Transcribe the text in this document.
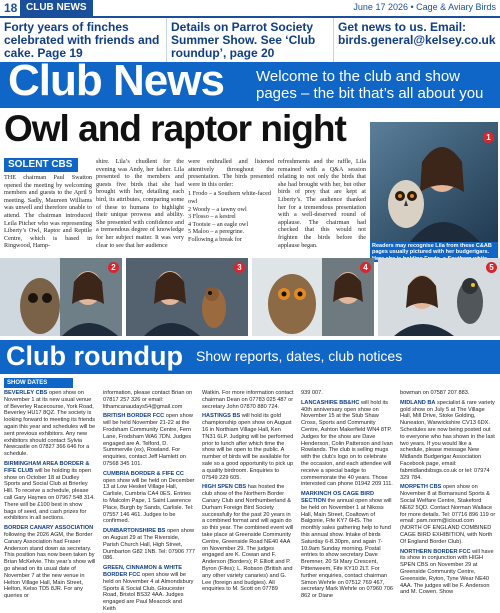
18 CLUB NEWS	June 17 2026 • Cage & Aviary Birds
Forty years of finches celebrated with friends and cake. Page 19
Details on Parrot Society Summer Show. See ‘Club roundup’, page 20
Get news to us. Email: birds.general@kelsey.co.uk
Club News Welcome to the club and show pages – the bit that’s all about you
Owl and raptor night
SOLENT CBS
THE chairman Paul Swatton opened the meeting by welcoming members and guests to the April 9 meeting. Sadly, Maureen Williams was unwell and therefore unable to attend. The chairman introduced Leila Pitcher who was representing Liberty’s Owl, Raptor and Reptile Centre, which is based in Ringwood, Hamp-
shire. Lila’s chudlent for the evening was Andy, her father. Lila presented to the members and guests five birds that she had brought with her, detailing each bird, its attributes, comparing some of these to humans to highlight their unique prowess and ability. She presented with confidence and a tremendous degree of knowledge for her subject matter. It was very clear to see that her audience
were enthralled and listened attentively throughout the presentation. The birds presented were in this order:
1 Frodo – a Southern white-faced owl
2 Woody – a tawny owl
3 Flosso – a kestrel
4 Tootsie – an eagle owl
5 Maloo – a peregrine.
Following a break for
refreshments and the raffle, Lila remained with a Q&A session relating to not only the birds that she had brought with her, but other birds of prey that are kept at Liberty’s. The audience thanked her for a tremendous presentation with a well-deserved round of applause. The chairman had checked that this would not frighten the birds before the applause began.
1
Readers may recognise Lila from these C&AB pages usually pictured with her budgerigars.
2	3	4	5
Club roundup Show reports, dates, club notices
SHOW DATES

BEVERLEY CBS open show on November 1 at its new usual venue of Beverley Racecourse, York Road, Beverley HU17 8QZ. The society is looking forward to meeting its friends again this year and schedules will be sent previous exhibitors. Any new exhibitors should contact Sylvia Newcastle on 07827 366 646 for a schedule.

BIRMINGHAM AREA BORDER & FIFE CLUB will be holding its open show on October 18 at Dudley Sports and Social Club at Brierley Hill. To receive a schedule, please call Gary Haynes on 07967 548 314. There will be £100 best in show bags of seed, and cash prizes for exhibitors in all sections.

BORDER CANARY ASSOCIATION following the 2026 AGM, the Border Canary Association had Fraser Anderson stand down as secretary. This position has now been taken by Brian McKelvie. This year’s show will go ahead on its usual date of November 7 at the new venue in Helton Village Hall, Main Street, Helton, Kelso TD5 8JR. For any queries or

information, please contact Brian on 07817 257 326 or email: lithamcanaudays54@gmail.com

BRITISH BORDER FCC open show will be held November 21-22 at the Frodsham Community Centre, Fern Lane, Frodsham WA6 7DN. Judges engaged are A. Telford, D. Summervile (ex), Rowland. For enquiries, contact Jeff Hamlett on 07568 345 101.

CUMBRIA BORDER & FIFE CC open show will be held on December 13 at Low Hesket Village Hall, Carlisle, Cumbria CA4 0ES. Entries to Malcolm Pape, 1 Saint Lawrence Place, Burgh by Sands, Carlisle. Tel: 07557 146 461. Judges to be confirmed.

DUNBARTONSHIRE BS open show on August 29 at The Riverside, Parish Church Hall, High Street, Dumbarton G82 1NB. Tel: 07906 777 086.

GREEN, CINNAMON & WHITE BORDER FCC open show will be held on November 4 at Almondsbury Sports & Social Club, Gloucester Road, Bristol BS32 4AA. Judges engaged are Paul Meacock and Keith

Watkin. For more information contact chairman Dean on 07783 025 487 or secretary John 07870 880 724.

HASTINGS BS will hold its gold championship open show on August 16 in Northiam Village Hall, Ken TN31 6LP. Judging will be performed prior to lunch after which time the show will be open to the public. A number of birds will be available for sale so a good opportunity to pick up a quality birdroom. Enquiries to 07549 229 605.

HIGH SPEN CBS has hosted the club show of the Northern Border Canary Club and Northumberland & Durham Foreign Bird Society successfully for the past 20 years in a combined format and will again do so this year. The combined event will take place at Greenside Community Centre, Greenside Road NE40 4AA on November 29. The judges engaged are K. Cowan and F. Anderson (Borders); P. Elliott and P. Byron (Fifes); L. Robson (British and any other variety canaries) and G. Lee (foreign and budgies). All enquiries to M. Scott on 07789

939 007.

LANCASHIRE BB&HC will hold its 40th anniversary open show on November 15 at the Stub Shaw Cross, Sports and Community Centre, Ashton Makerfield WN4 8TP. Judges for the show are Dave Henderson, Colin Patterson and Ivan Rowlands. The club is selling mugs with the club’s logo on to celebrate the occasion, and each attendee will receive a special badge to commemorate the 40 years. Those interested can phone 01942 209 111.

MARKINCH OS CAGE BIRD SECTION the annual open show will be held on November 1 at Nikoss Hall, Main Street, Coaltown of Balgonie, Fife KY7 6HS. The monthly sales gathering help to fund this annual show. Intake of birds Saturday 6-8.30pm, and again 7-10.9am Sunday morning. Postal entries to show secretary Dave Bremner, 20 St Mary Crescent, Pittenweem, Fife KY10 2LT. For further enquiries, contact chairman Simon Wehrle on 07512 769 467, secretary Mark Wehrle on 07960 706 862 or Diane

bowman on 07587 207 883.

MIDLAND BA specialist & rare variety gold show on July 5 at The Village Hall, Mill Drive, Stoke Golding, Nuneaton, Warwickshire CV13 6DX. Schedules are now being posted out to everyone who has shown in the last two years. If you would like a schedule, please message New Midlands Budgerigar Association Facebook page, email: fabmidlandsbsgs.co.uk or tel: 07974 329 784.

MORPETH CBS open show on November 8 at Bomarsund Sports & Social Welfare Centre, Stakeford NE62 5QD. Contact Norman Wallace for more details. Tel: 07716 896 119 or email: pam.norm@icloud.com (NORTH OF ENGLAND COMBINED CAGE BIRD EXHIBITION, with North Of England Border Club).

NORTHERN BORDER FCC will have its show in conjunction with HIGH SPEN CBS on November 29 at Greenside Community Centre, Greenside, Ryton, Tyne Wear NE40 4AA. The judges will be F. Anderson and M. Cowen. Show
